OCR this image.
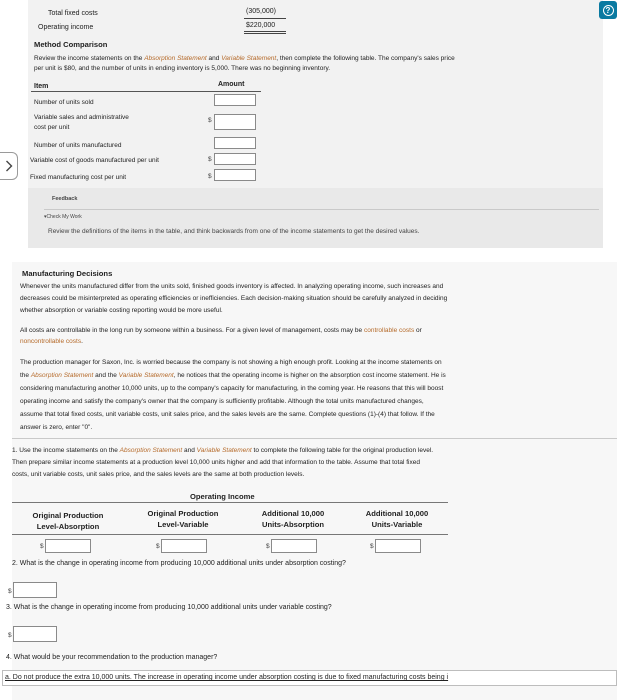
Total fixed costs	(305,000)
Operating income	$220,000
?
Method Comparison
Review the income statements on the Absorption Statement and Variable Statement, then complete the following table. The company's sales price
per unit is $80, and the number of units in ending inventory is 5,000. There was no beginning inventory.
Item	Amount
Number of units sold
Variable sales and administrative
cost per unit
$
Number of units manufactured
Variable cost of goods manufactured per unit	$
Fixed manufacturing cost per unit	$
Feedback
▾Check My Work
Review the definitions of the items in the table, and think backwards from one of the income statements to get the desired values.
Manufacturing Decisions
Whenever the units manufactured differ from the units sold, finished goods inventory is affected. In analyzing operating income, such increases and
decreases could be misinterpreted as operating efficiencies or inefficiencies. Each decision-making situation should be carefully analyzed in deciding
whether absorption or variable costing reporting would be more useful.
All costs are controllable in the long run by someone within a business. For a given level of management, costs may be controllable costs or
noncontrollable costs.
The production manager for Saxon, Inc. is worried because the company is not showing a high enough profit. Looking at the income statements on
the Absorption Statement and the Variable Statement, he notices that the operating income is higher on the absorption cost income statement. He is
considering manufacturing another 10,000 units, up to the company's capacity for manufacturing, in the coming year. He reasons that this will boost
operating income and satisfy the company's owner that the company is sufficiently profitable. Although the total units manufactured changes,
assume that total fixed costs, unit variable costs, unit sales price, and the sales levels are the same. Complete questions (1)-(4) that follow. If the
answer is zero, enter "0".
1. Use the income statements on the Absorption Statement and Variable Statement to complete the following table for the original production level.
Then prepare similar income statements at a production level 10,000 units higher and add that information to the table. Assume that total fixed
costs, unit variable costs, unit sales price, and the sales levels are the same at both production levels.
Operating Income
Original Production
Level-Absorption
Original Production
Level-Variable
Additional 10,000
Units-Absorption
Additional 10,000
Units-Variable
$	$	$	$
2. What is the change in operating income from producing 10,000 additional units under absorption costing?
$
3. What is the change in operating income from producing 10,000 additional units under variable costing?
$
4. What would be your recommendation to the production manager?
a. Do not produce the extra 10,000 units. The increase in operating income under absorption costing is due to fixed manufacturing costs being i
